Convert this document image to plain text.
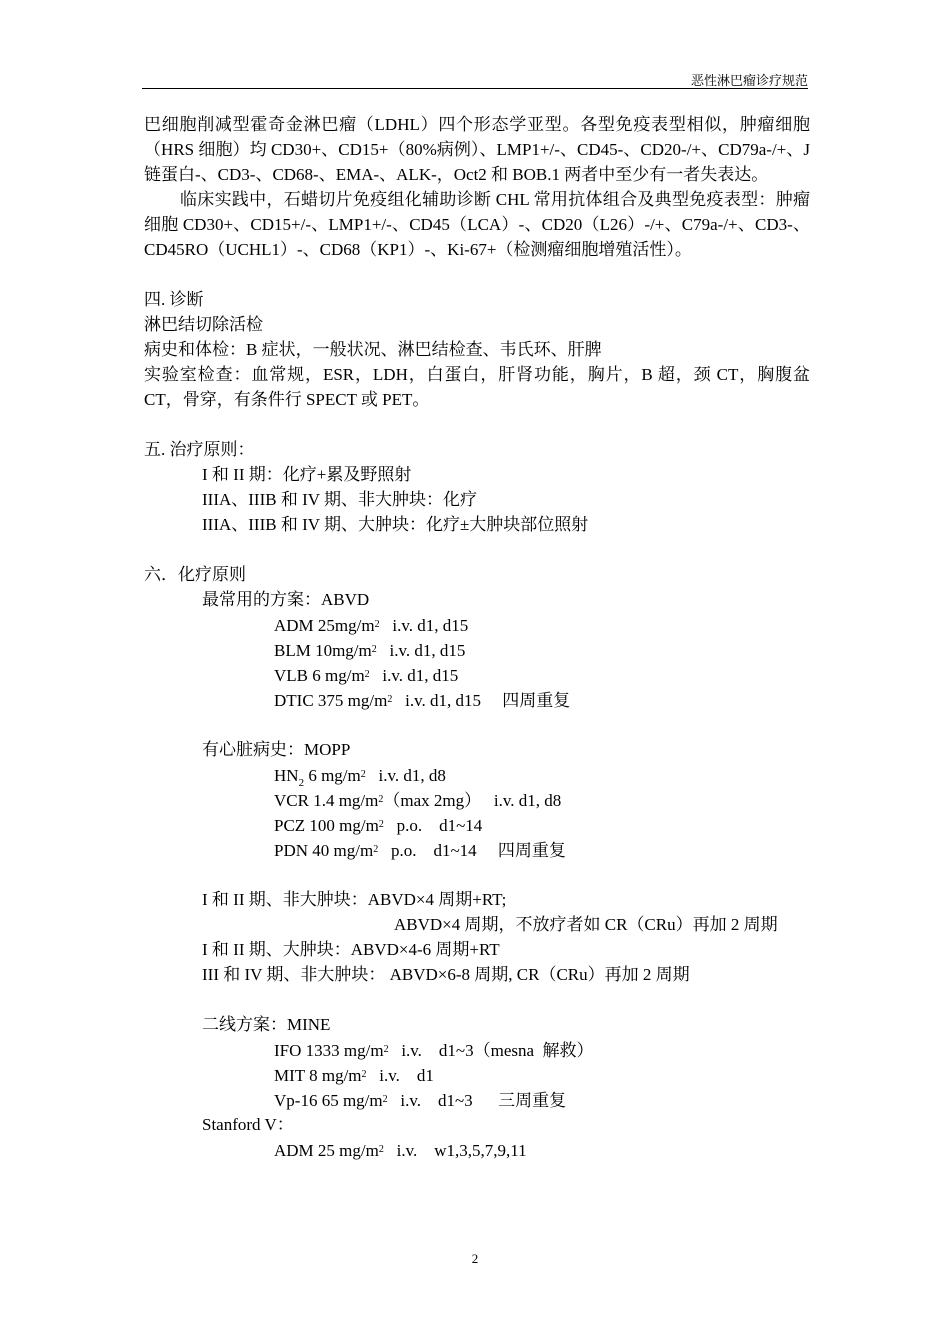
恶性淋巴瘤诊疗规范
巴细胞削减型霍奇金淋巴瘤（LDHL）四个形态学亚型。各型免疫表型相似，肿瘤细胞（HRS 细胞）均 CD30+、CD15+（80%病例）、LMP1+/-、CD45-、CD20-/+、CD79a-/+、J 链蛋白-、CD3-、CD68-、EMA-、ALK-，Oct2 和 BOB.1 两者中至少有一者失表达。
临床实践中，石蜡切片免疫组化辅助诊断 CHL 常用抗体组合及典型免疫表型：肿瘤细胞 CD30+、CD15+/-、LMP1+/-、CD45（LCA）-、CD20（L26）-/+、C79a-/+、CD3-、CD45RO（UCHL1）-、CD68（KP1）-、Ki-67+（检测瘤细胞增殖活性）。
四. 诊断
淋巴结切除活检
病史和体检：B 症状，一般状况、淋巴结检查、韦氏环、肝脾
实验室检查：血常规，ESR，LDH，白蛋白，肝肾功能，胸片，B 超，颈 CT，胸腹盆 CT，骨穿，有条件行 SPECT 或 PET。
五. 治疗原则：
I 和 II 期：化疗+累及野照射
IIIA、IIIB 和 IV 期、非大肿块：化疗
IIIA、IIIB 和 IV 期、大肿块：化疗±大肿块部位照射
六．化疗原则
最常用的方案：ABVD
ADM $25mg/m^2$   i.v. d1, d15
BLM $10mg/m^2$   i.v. d1, d15
VLB 6 $mg/m^2$   i.v. d1, d15
DTIC 375 $mg/m^2$   i.v. d1, d15     四周重复
有心脏病史：MOPP
$HN_2$ 6 $mg/m^2$   i.v. d1, d8
VCR 1.4 $mg/m^2(\max$ 2mg）   i.v. d1, d8
PCZ 100 $mg/m^2$   p.o.    d1~14
PDN 40 $mg/m^2$   p.o.    d1~14     四周重复
I 和 II 期、非大肿块：ABVD×4 周期+RT;
ABVD×4 周期，不放疗者如 CR（CRu）再加 2 周期
I 和 II 期、大肿块：ABVD×4-6 周期+RT
III 和 IV 期、非大肿块： ABVD×6-8 周期, CR（CRu）再加 2 周期
二线方案：MINE
IFO 1333 $mg/m^2$   i.v.    d1~3（mesna  解救）
MIT 8 $mg/m^2$   i.v.    d1
Vp-16 65 $mg/m^2$   i.v.    d1~3      三周重复
Stanford V：
ADM 25 $mg/m^2$   i.v.    w1,3,5,7,9,11
2
